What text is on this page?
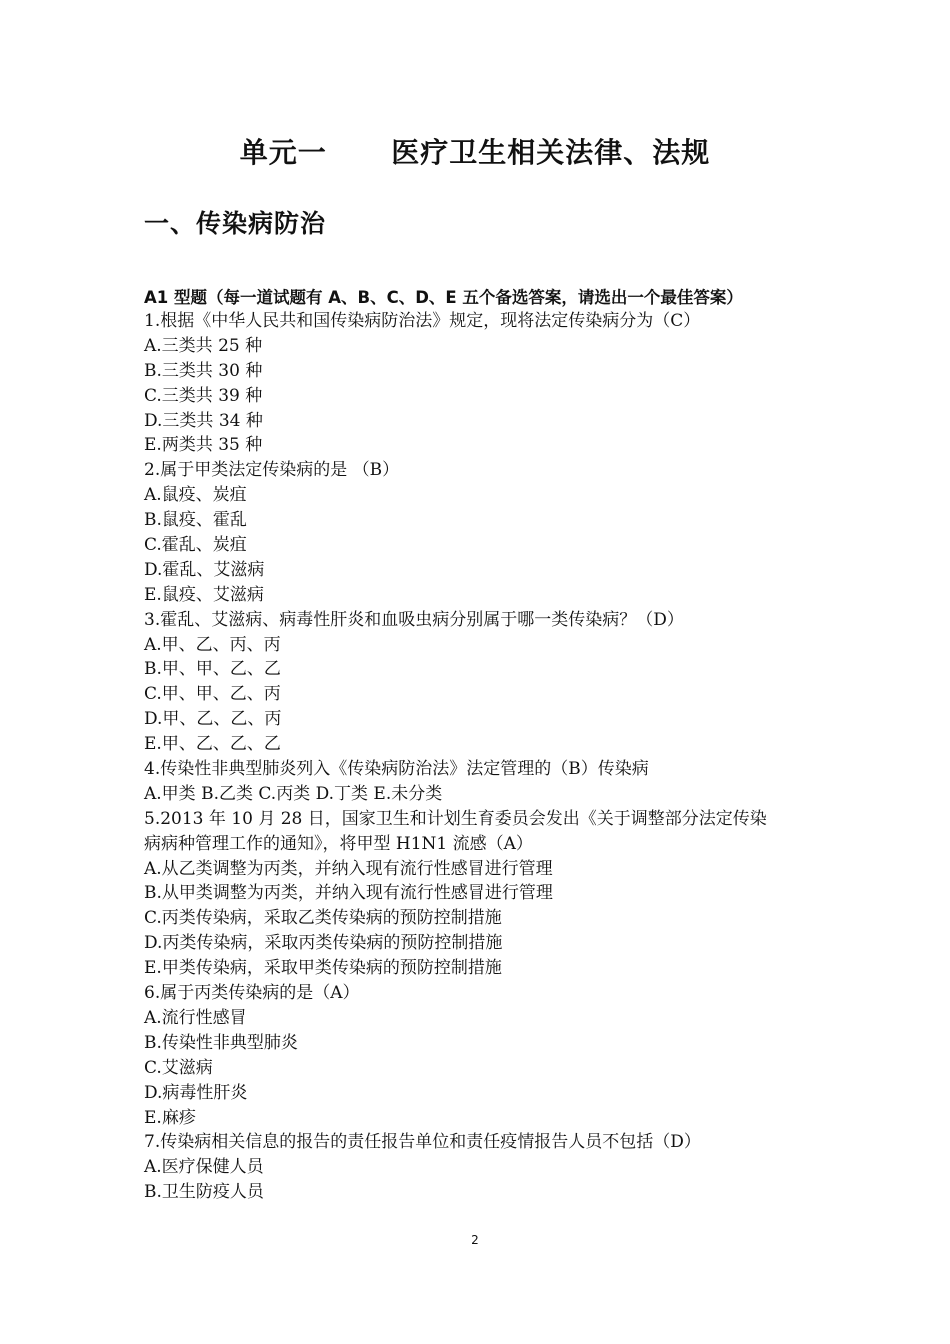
单元一      医疗卫生相关法律、法规
一、传染病防治
A1 型题（每一道试题有 A、B、C、D、E 五个备选答案，请选出一个最佳答案）
1.根据《中华人民共和国传染病防治法》规定，现将法定传染病分为（C）
A.三类共 25 种
B.三类共 30 种
C.三类共 39 种
D.三类共 34 种
E.两类共 35 种
2.属于甲类法定传染病的是 （B）
A.鼠疫、炭疽
B.鼠疫、霍乱
C.霍乱、炭疽
D.霍乱、艾滋病
E.鼠疫、艾滋病
3.霍乱、艾滋病、病毒性肝炎和血吸虫病分别属于哪一类传染病？（D）
A.甲、乙、丙、丙
B.甲、甲、乙、乙
C.甲、甲、乙、丙
D.甲、乙、乙、丙
E.甲、乙、乙、乙
4.传染性非典型肺炎列入《传染病防治法》法定管理的（B）传染病
A.甲类 B.乙类 C.丙类 D.丁类 E.未分类
5.2013 年 10 月 28 日，国家卫生和计划生育委员会发出《关于调整部分法定传染
病病种管理工作的通知》，将甲型 H1N1 流感（A）
A.从乙类调整为丙类，并纳入现有流行性感冒进行管理
B.从甲类调整为丙类，并纳入现有流行性感冒进行管理
C.丙类传染病，采取乙类传染病的预防控制措施
D.丙类传染病，采取丙类传染病的预防控制措施
E.甲类传染病，采取甲类传染病的预防控制措施
6.属于丙类传染病的是（A）
A.流行性感冒
B.传染性非典型肺炎
C.艾滋病
D.病毒性肝炎
E.麻疹
7.传染病相关信息的报告的责任报告单位和责任疫情报告人员不包括（D）
A.医疗保健人员
B.卫生防疫人员
2
